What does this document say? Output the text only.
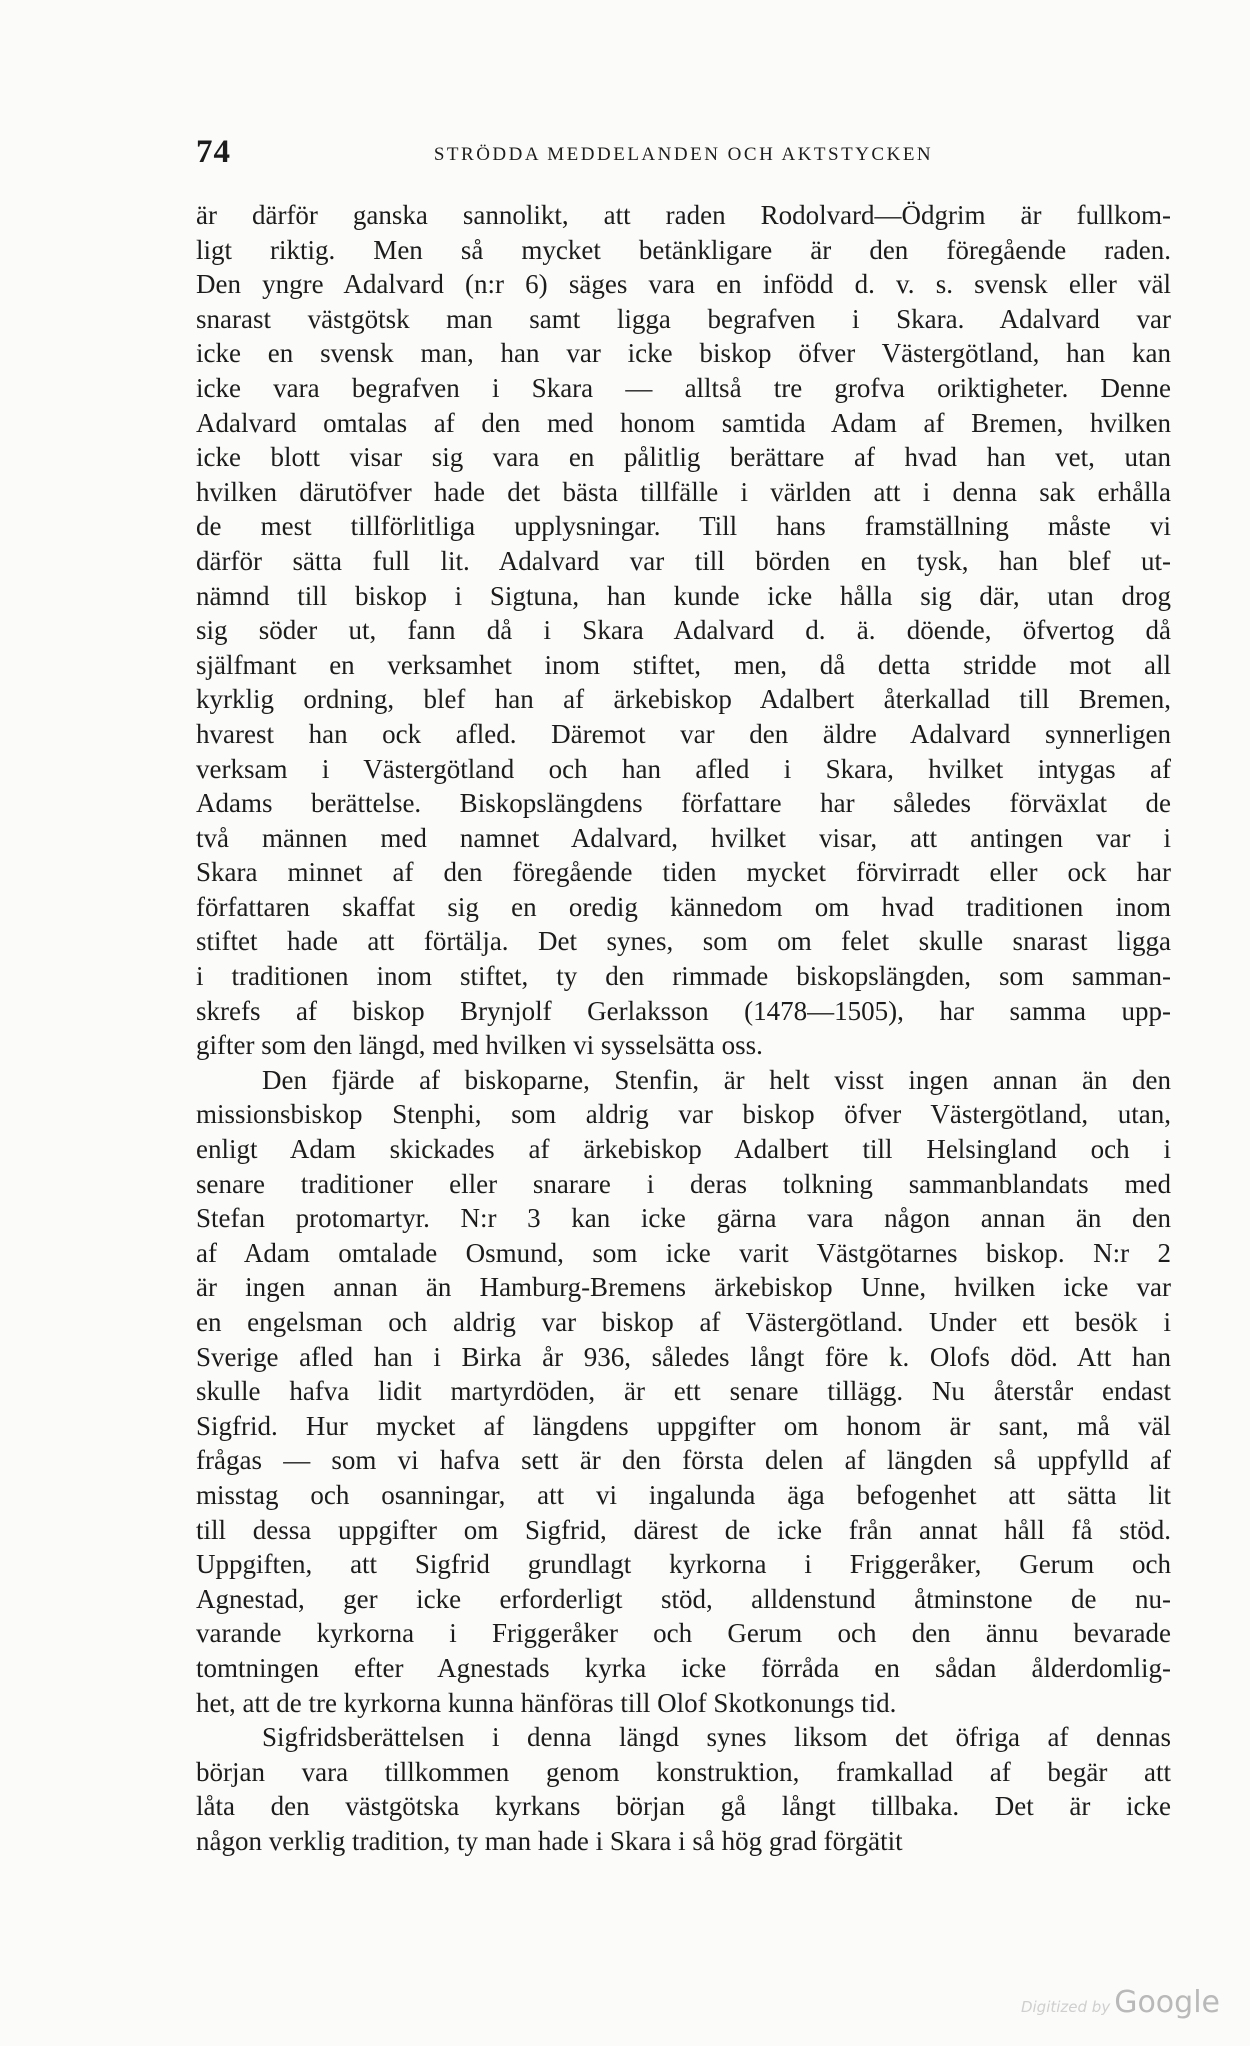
74	STRÖDDA MEDDELANDEN OCH AKTSTYCKEN
är därför ganska sannolikt, att raden Rodolvard—Ödgrim är fullkom-
ligt riktig. Men så mycket betänkligare är den föregående raden.
Den yngre Adalvard (n:r 6) säges vara en infödd d. v. s. svensk eller väl
snarast västgötsk man samt ligga begrafven i Skara. Adalvard var
icke en svensk man, han var icke biskop öfver Västergötland, han kan
icke vara begrafven i Skara — alltså tre grofva oriktigheter. Denne
Adalvard omtalas af den med honom samtida Adam af Bremen, hvilken
icke blott visar sig vara en pålitlig berättare af hvad han vet, utan
hvilken därutöfver hade det bästa tillfälle i världen att i denna sak erhålla
de mest tillförlitliga upplysningar. Till hans framställning måste vi
därför sätta full lit. Adalvard var till börden en tysk, han blef ut-
nämnd till biskop i Sigtuna, han kunde icke hålla sig där, utan drog
sig söder ut, fann då i Skara Adalvard d. ä. döende, öfvertog då
själfmant en verksamhet inom stiftet, men, då detta stridde mot all
kyrklig ordning, blef han af ärkebiskop Adalbert återkallad till Bremen,
hvarest han ock afled. Däremot var den äldre Adalvard synnerligen
verksam i Västergötland och han afled i Skara, hvilket intygas af
Adams berättelse. Biskopslängdens författare har således förväxlat de
två männen med namnet Adalvard, hvilket visar, att antingen var i
Skara minnet af den föregående tiden mycket förvirradt eller ock har
författaren skaffat sig en oredig kännedom om hvad traditionen inom
stiftet hade att förtälja. Det synes, som om felet skulle snarast ligga
i traditionen inom stiftet, ty den rimmade biskopslängden, som samman-
skrefs af biskop Brynjolf Gerlaksson (1478—1505), har samma upp-
gifter som den längd, med hvilken vi sysselsätta oss.
Den fjärde af biskoparne, Stenfin, är helt visst ingen annan än den
missionsbiskop Stenphi, som aldrig var biskop öfver Västergötland, utan,
enligt Adam skickades af ärkebiskop Adalbert till Helsingland och i
senare traditioner eller snarare i deras tolkning sammanblandats med
Stefan protomartyr. N:r 3 kan icke gärna vara någon annan än den
af Adam omtalade Osmund, som icke varit Västgötarnes biskop. N:r 2
är ingen annan än Hamburg-Bremens ärkebiskop Unne, hvilken icke var
en engelsman och aldrig var biskop af Västergötland. Under ett besök i
Sverige afled han i Birka år 936, således långt före k. Olofs död. Att han
skulle hafva lidit martyrdöden, är ett senare tillägg. Nu återstår endast
Sigfrid. Hur mycket af längdens uppgifter om honom är sant, må väl
frågas — som vi hafva sett är den första delen af längden så uppfylld af
misstag och osanningar, att vi ingalunda äga befogenhet att sätta lit
till dessa uppgifter om Sigfrid, därest de icke från annat håll få stöd.
Uppgiften, att Sigfrid grundlagt kyrkorna i Friggeråker, Gerum och
Agnestad, ger icke erforderligt stöd, alldenstund åtminstone de nu-
varande kyrkorna i Friggeråker och Gerum och den ännu bevarade
tomtningen efter Agnestads kyrka icke förråda en sådan ålderdomlig-
het, att de tre kyrkorna kunna hänföras till Olof Skotkonungs tid.
Sigfridsberättelsen i denna längd synes liksom det öfriga af dennas
början vara tillkommen genom konstruktion, framkallad af begär att
låta den västgötska kyrkans början gå långt tillbaka. Det är icke
någon verklig tradition, ty man hade i Skara i så hög grad förgätit
Digitized by Google
